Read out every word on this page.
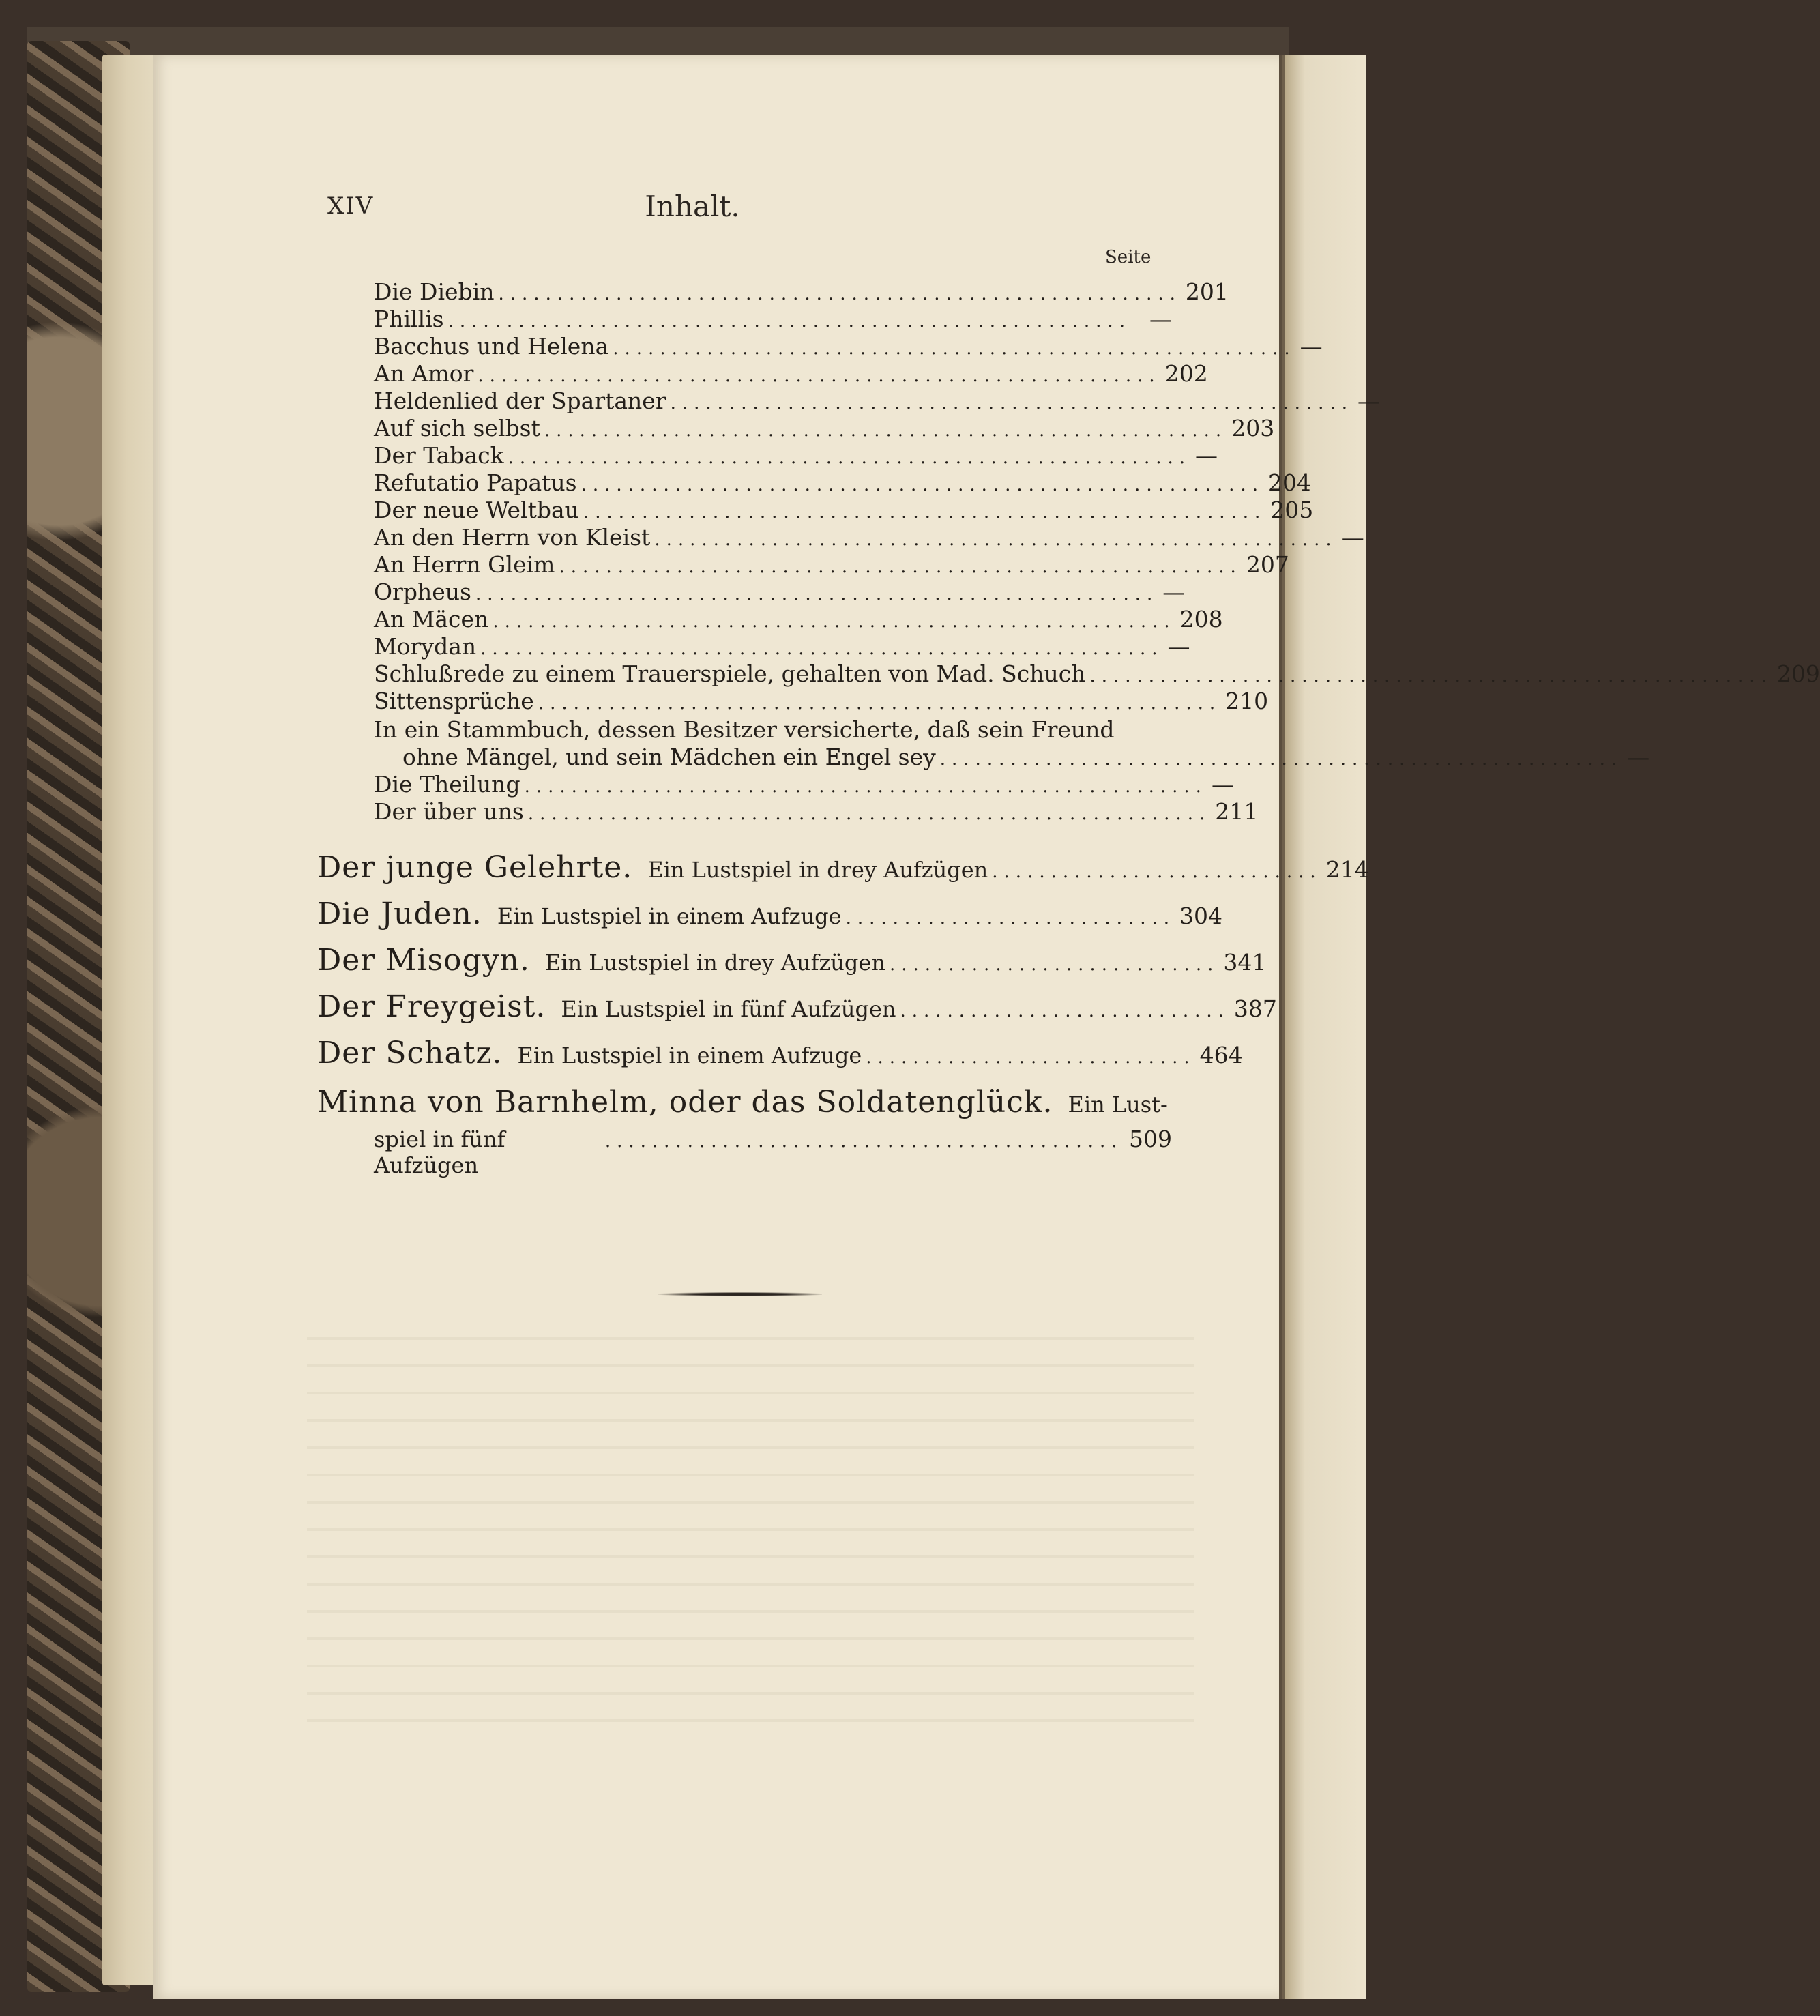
XIV	Inhalt.
Seite
Die Diebin .......................................................... 201
Phillis .......................................................... —
Bacchus und Helena .......................................................... —
An Amor .......................................................... 202
Heldenlied der Spartaner .......................................................... —
Auf sich selbst .......................................................... 203
Der Taback .......................................................... —
Refutatio Papatus .......................................................... 204
Der neue Weltbau .......................................................... 205
An den Herrn von Kleist .......................................................... —
An Herrn Gleim .......................................................... 207
Orpheus .......................................................... —
An Mäcen .......................................................... 208
Morydan .......................................................... —
Schlußrede zu einem Trauerspiele, gehalten von Mad. Schuch .......................................................... 209
Sittensprüche .......................................................... 210
In ein Stammbuch, dessen Besitzer versicherte, daß sein Freund
ohne Mängel, und sein Mädchen ein Engel sey .......................................................... —
Die Theilung .......................................................... —
Der über uns .......................................................... 211
Der junge Gelehrte. Ein Lustspiel in drey Aufzügen ............................ 214
Die Juden. Ein Lustspiel in einem Aufzuge ............................ 304
Der Misogyn. Ein Lustspiel in drey Aufzügen ............................ 341
Der Freygeist. Ein Lustspiel in fünf Aufzügen ............................ 387
Der Schatz. Ein Lustspiel in einem Aufzuge ............................ 464
Minna von Barnhelm, oder das Soldatenglück. Ein Lust-
spiel in fünf Aufzügen
............................................ 509
